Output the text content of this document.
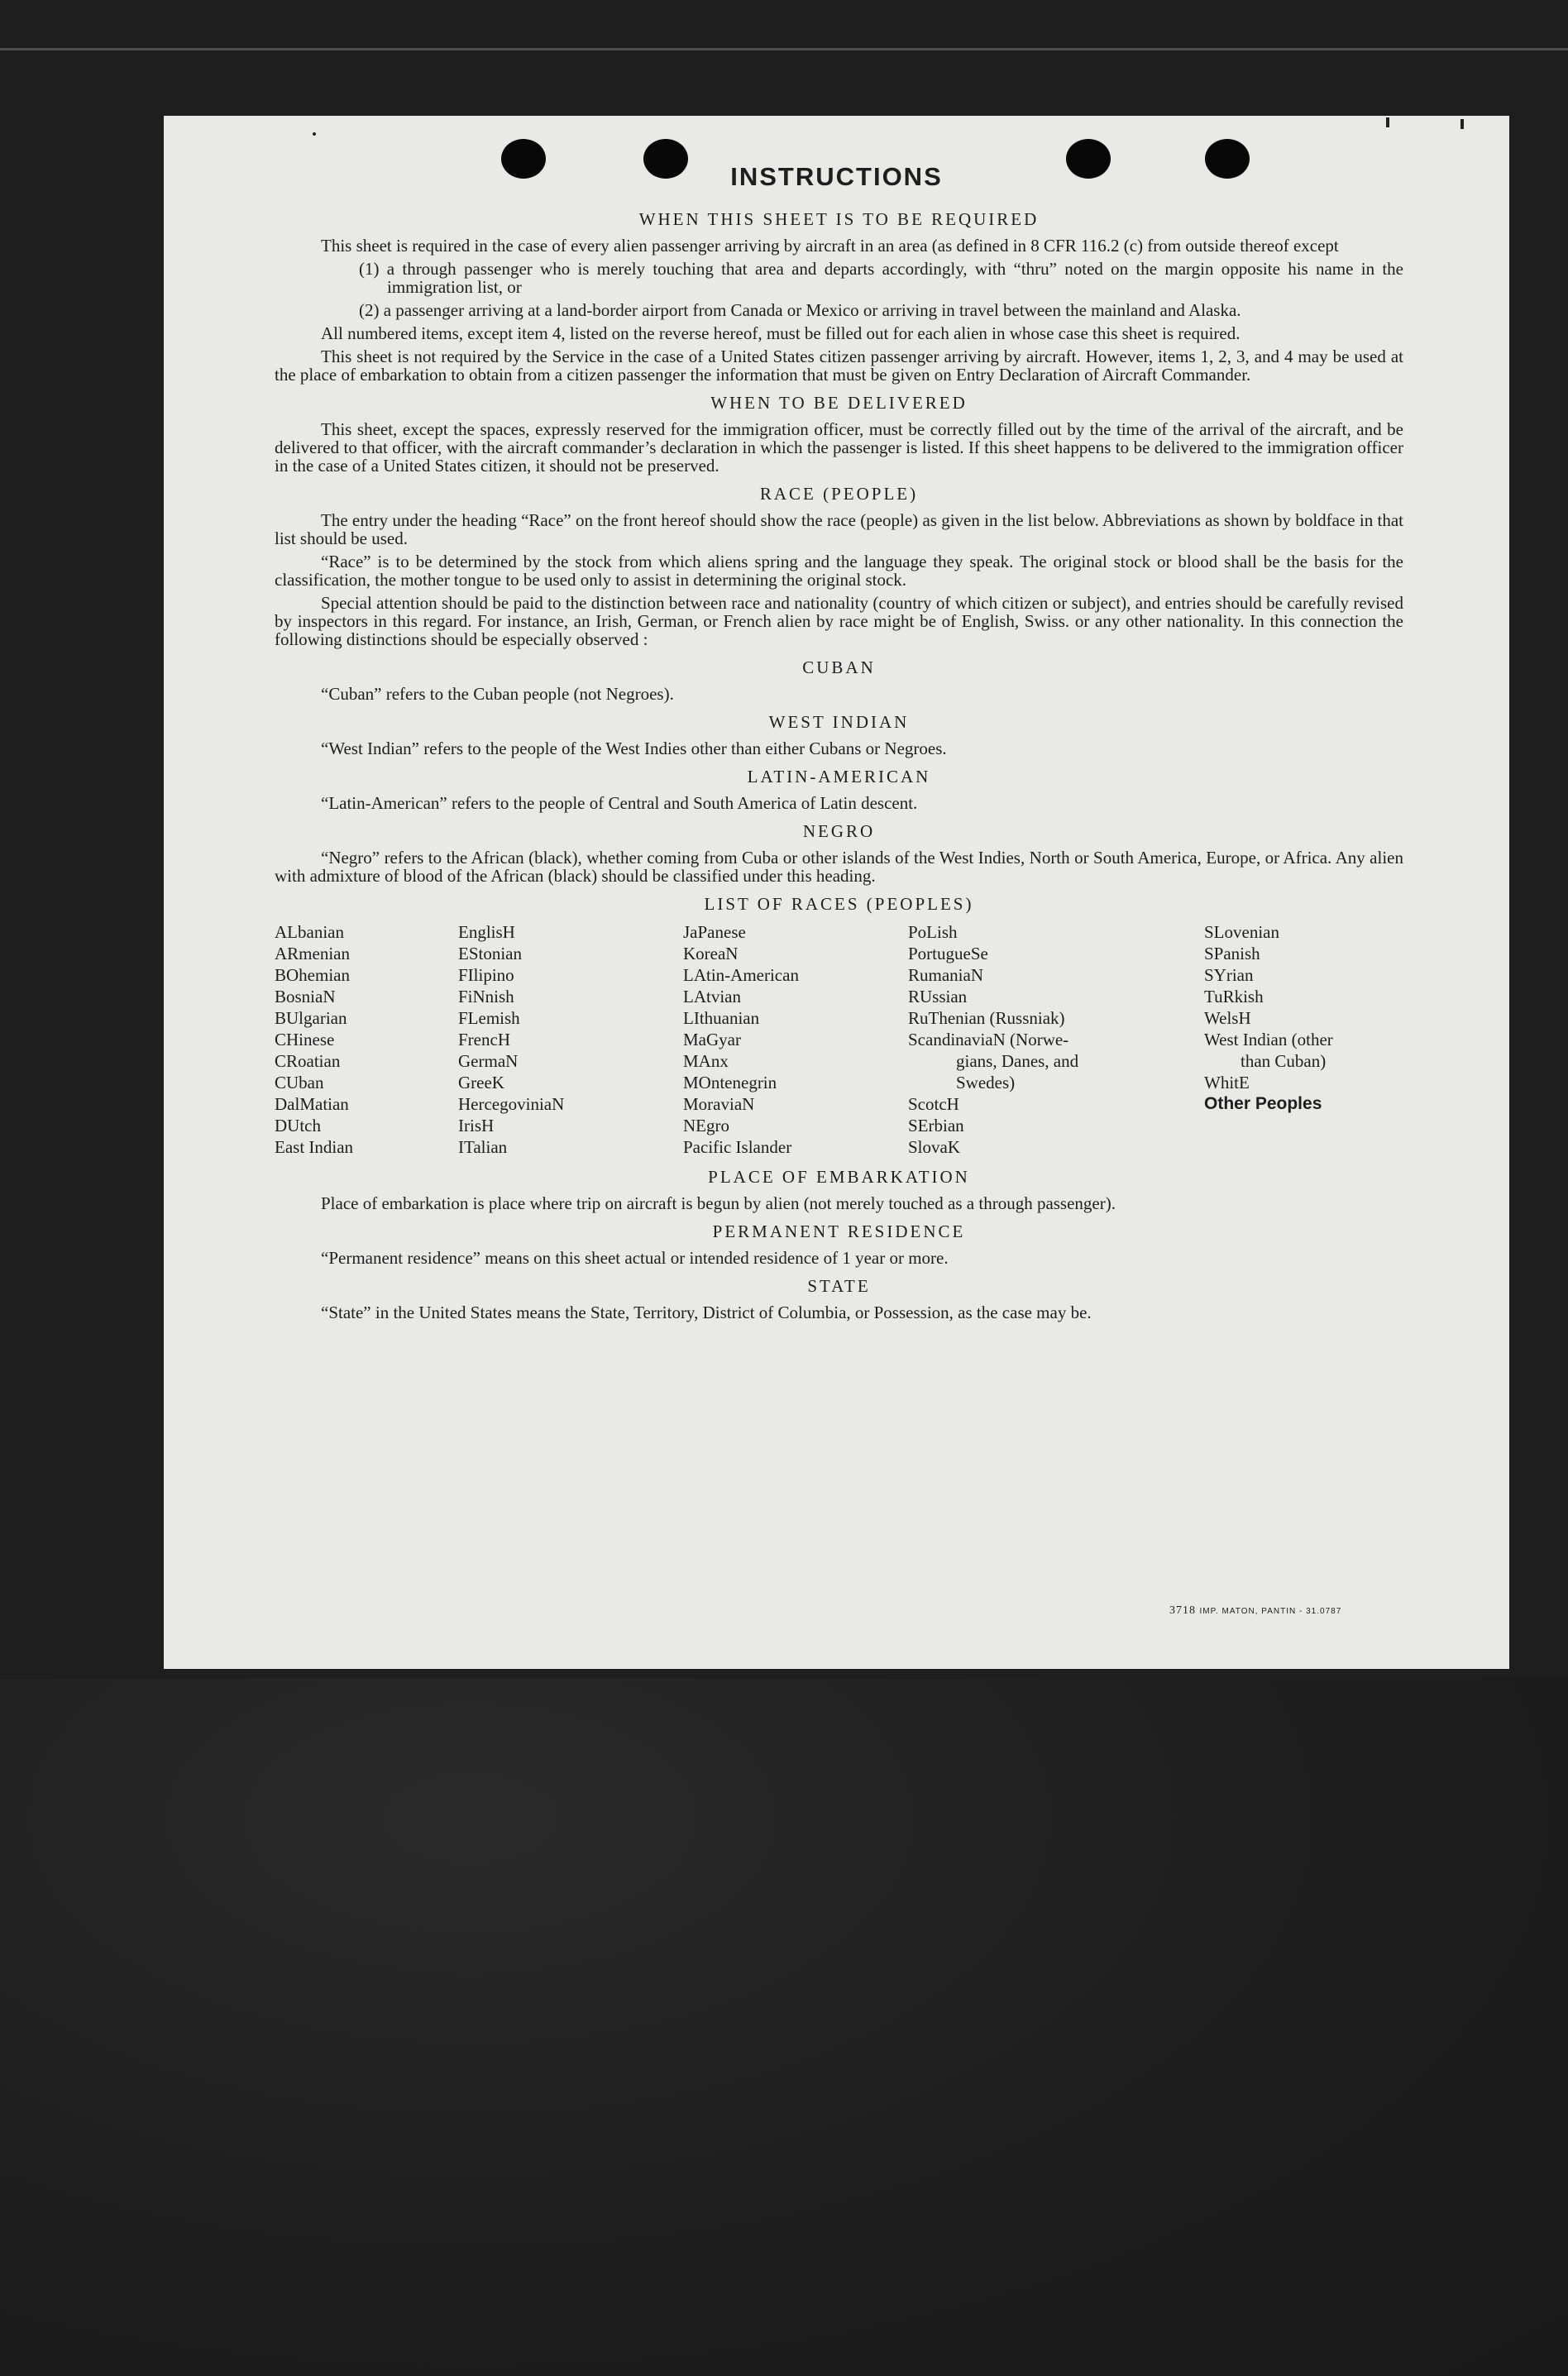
INSTRUCTIONS
WHEN THIS SHEET IS TO BE REQUIRED

This sheet is required in the case of every alien passenger arriving by aircraft in an area (as defined in 8 CFR 116.2 (c) from outside thereof except

(1) a through passenger who is merely touching that area and departs accordingly, with “thru” noted on the margin opposite his name in the immigration list, or
(2) a passenger arriving at a land-border airport from Canada or Mexico or arriving in travel between the mainland and Alaska.

All numbered items, except item 4, listed on the reverse hereof, must be filled out for each alien in whose case this sheet is required.

This sheet is not required by the Service in the case of a United States citizen passenger arriving by aircraft. However, items 1, 2, 3, and 4 may be used at the place of embarkation to obtain from a citizen passenger the information that must be given on Entry Declaration of Aircraft Commander.

WHEN TO BE DELIVERED

This sheet, except the spaces, expressly reserved for the immigration officer, must be correctly filled out by the time of the arrival of the aircraft, and be delivered to that officer, with the aircraft commander’s declaration in which the passenger is listed. If this sheet happens to be delivered to the immigration officer in the case of a United States citizen, it should not be preserved.

RACE (PEOPLE)

The entry under the heading “Race” on the front hereof should show the race (people) as given in the list below. Abbreviations as shown by boldface in that list should be used.

“Race” is to be determined by the stock from which aliens spring and the language they speak. The original stock or blood shall be the basis for the classification, the mother tongue to be used only to assist in determining the original stock.

Special attention should be paid to the distinction between race and nationality (country of which citizen or subject), and entries should be carefully revised by inspectors in this regard. For instance, an Irish, German, or French alien by race might be of English, Swiss. or any other nationality. In this connection the following distinctions should be especially observed :

CUBAN

“Cuban” refers to the Cuban people (not Negroes).

WEST INDIAN

“West Indian” refers to the people of the West Indies other than either Cubans or Negroes.

LATIN-AMERICAN

“Latin-American” refers to the people of Central and South America of Latin descent.

NEGRO

“Negro” refers to the African (black), whether coming from Cuba or other islands of the West Indies, North or South America, Europe, or Africa. Any alien with admixture of blood of the African (black) should be classified under this heading.

LIST OF RACES (PEOPLES)
ALbanian
ARmenian
BOhemian
BosniaN
BUlgarian
CHinese
CRoatian
CUban
DalMatian
DUtch
East Indian
EnglisH
EStonian
FIlipino
FiNnish
FLemish
FrencH
GermaN
GreeK
HercegoviniaN
IrisH
ITalian
JaPanese
KoreaN
LAtin-American
LAtvian
LIthuanian
MaGyar
MAnx
MOntenegrin
MoraviaN
NEgro
Pacific Islander
PoLish
PortugueSe
RumaniaN
RUssian
RuThenian (Russniak)
ScandinaviaN (Norwe-
gians, Danes, and
Swedes)
ScotcH
SErbian
SlovaK
SLovenian
SPanish
SYrian
TuRkish
WelsH
West Indian (other
than Cuban)
WhitE
Other Peoples
PLACE OF EMBARKATION

Place of embarkation is place where trip on aircraft is begun by alien (not merely touched as a through passenger).

PERMANENT RESIDENCE

“Permanent residence” means on this sheet actual or intended residence of 1 year or more.

STATE

“State” in the United States means the State, Territory, District of Columbia, or Possession, as the case may be.

3718 IMP. MATON, PANTIN - 31.0787
